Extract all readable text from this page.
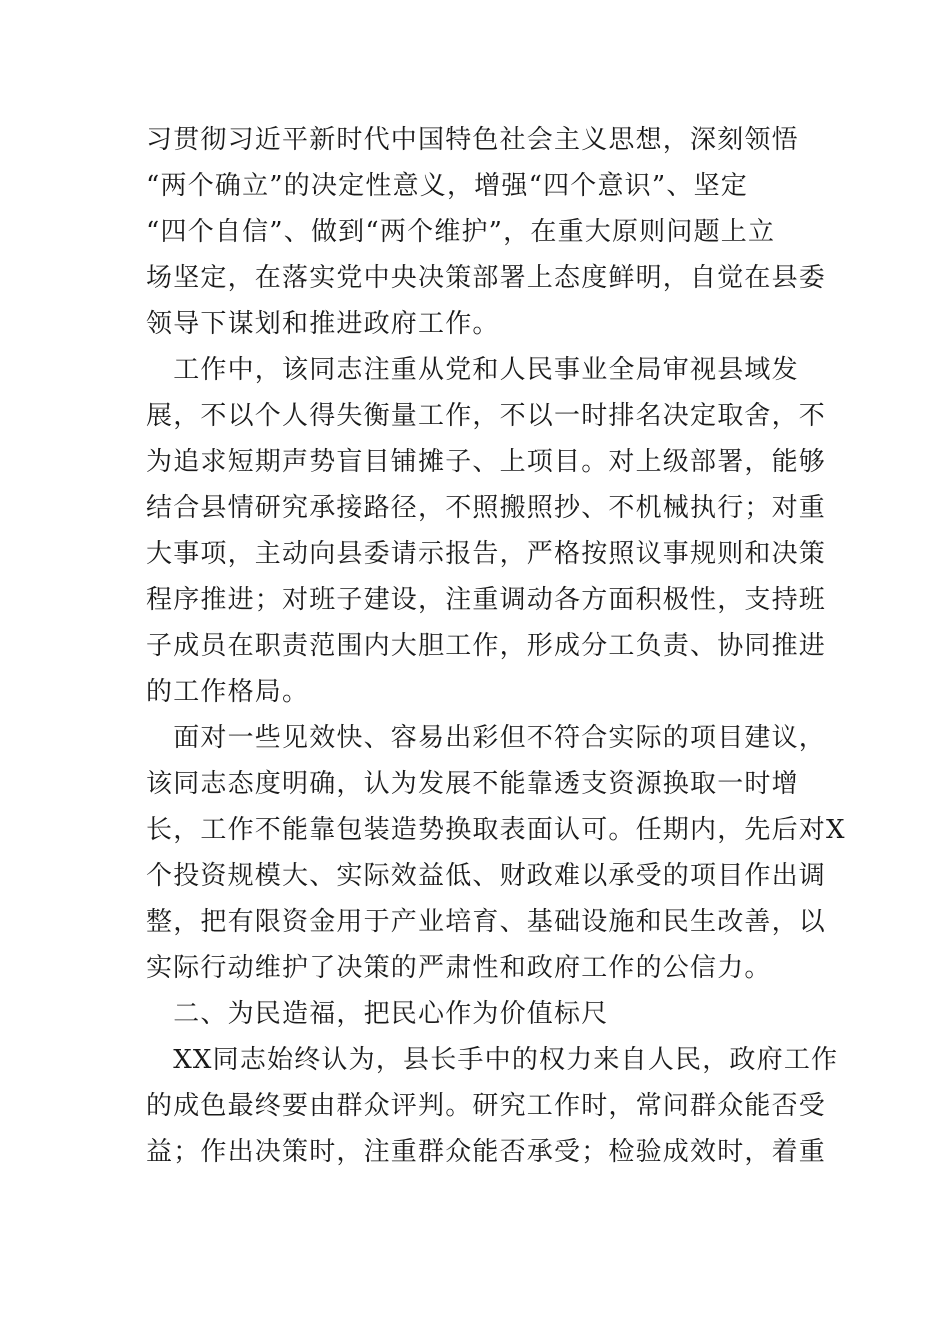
习贯彻习近平新时代中国特色社会主义思想，深刻领悟
“两个确立”的决定性意义，增强“四个意识”、坚定
“四个自信”、做到“两个维护”，在重大原则问题上立
场坚定，在落实党中央决策部署上态度鲜明，自觉在县委
领导下谋划和推进政府工作。
　工作中，该同志注重从党和人民事业全局审视县域发
展，不以个人得失衡量工作，不以一时排名决定取舍，不
为追求短期声势盲目铺摊子、上项目。对上级部署，能够
结合县情研究承接路径，不照搬照抄、不机械执行；对重
大事项，主动向县委请示报告，严格按照议事规则和决策
程序推进；对班子建设，注重调动各方面积极性，支持班
子成员在职责范围内大胆工作，形成分工负责、协同推进
的工作格局。
　面对一些见效快、容易出彩但不符合实际的项目建议，
该同志态度明确，认为发展不能靠透支资源换取一时增
长，工作不能靠包装造势换取表面认可。任期内，先后对X
个投资规模大、实际效益低、财政难以承受的项目作出调
整，把有限资金用于产业培育、基础设施和民生改善，以
实际行动维护了决策的严肃性和政府工作的公信力。
　二、为民造福，把民心作为价值标尺
　XX同志始终认为，县长手中的权力来自人民，政府工作
的成色最终要由群众评判。研究工作时，常问群众能否受
益；作出决策时，注重群众能否承受；检验成效时，着重
